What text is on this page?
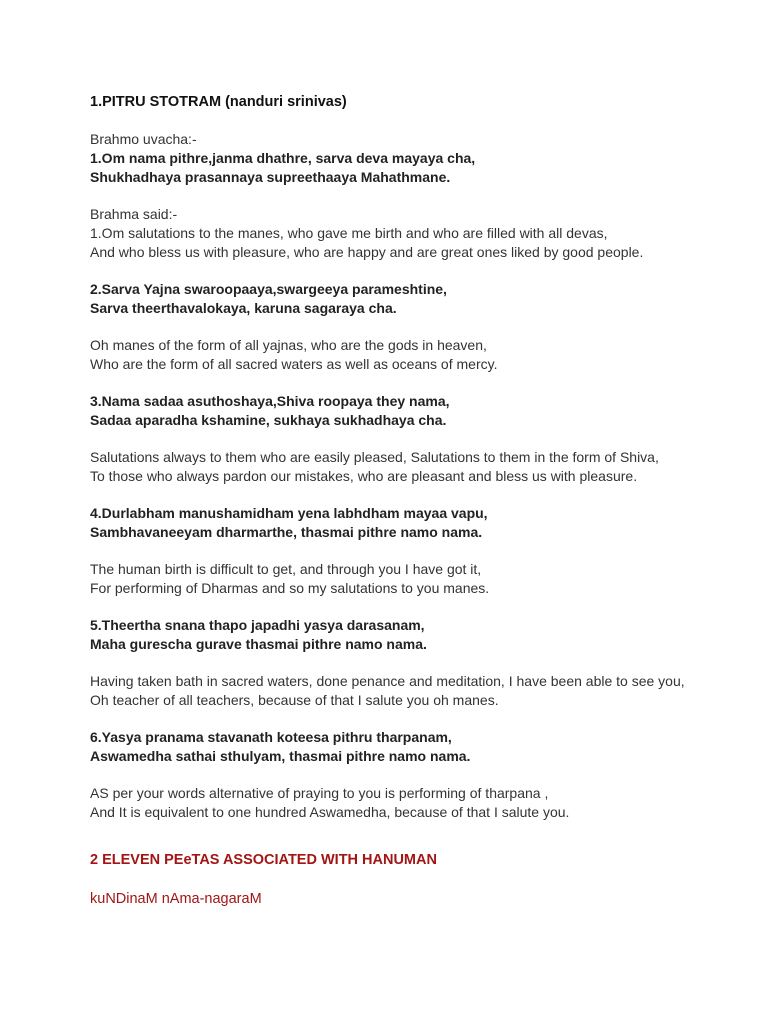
1.PITRU STOTRAM (nanduri srinivas)
Brahmo uvacha:-
1.Om nama pithre,janma dhathre, sarva deva mayaya cha,
Shukhadhaya prasannaya supreethaaya Mahathmane.
Brahma said:-
1.Om salutations to the manes, who gave me birth and who are filled with all devas,
And who bless us with pleasure, who are happy and are great ones liked by good people.
2.Sarva Yajna swaroopaaya,swargeeya parameshtine,
Sarva theerthavalokaya, karuna sagaraya cha.
Oh manes of the form of all yajnas, who are the gods in heaven,
Who are the form of all sacred waters as well as oceans of mercy.
3.Nama sadaa asuthoshaya,Shiva roopaya they nama,
Sadaa aparadha kshamine, sukhaya sukhadhaya cha.
Salutations always to them who are easily pleased, Salutations to them in the form of Shiva,
To those who always pardon our mistakes, who are pleasant and bless us with pleasure.
4.Durlabham manushamidham yena labhdham mayaa vapu,
Sambhavaneeyam dharmarthe, thasmai pithre namo nama.
The human birth is difficult to get, and through you I have got it,
For performing of Dharmas and so my salutations to you manes.
5.Theertha snana thapo japadhi yasya darasanam,
Maha gurescha gurave thasmai pithre namo nama.
Having taken bath in sacred waters, done penance and meditation, I have been able to see you,
Oh teacher of all teachers, because of that I salute you oh manes.
6.Yasya pranama stavanath koteesa pithru tharpanam,
Aswamedha sathai sthulyam, thasmai pithre namo nama.
AS per your words alternative of praying to you is performing of tharpana ,
And It is equivalent to one hundred Aswamedha, because of that I salute you.
2 ELEVEN PEeTAS ASSOCIATED WITH HANUMAN
kuNDinaM nAma-nagaraM
